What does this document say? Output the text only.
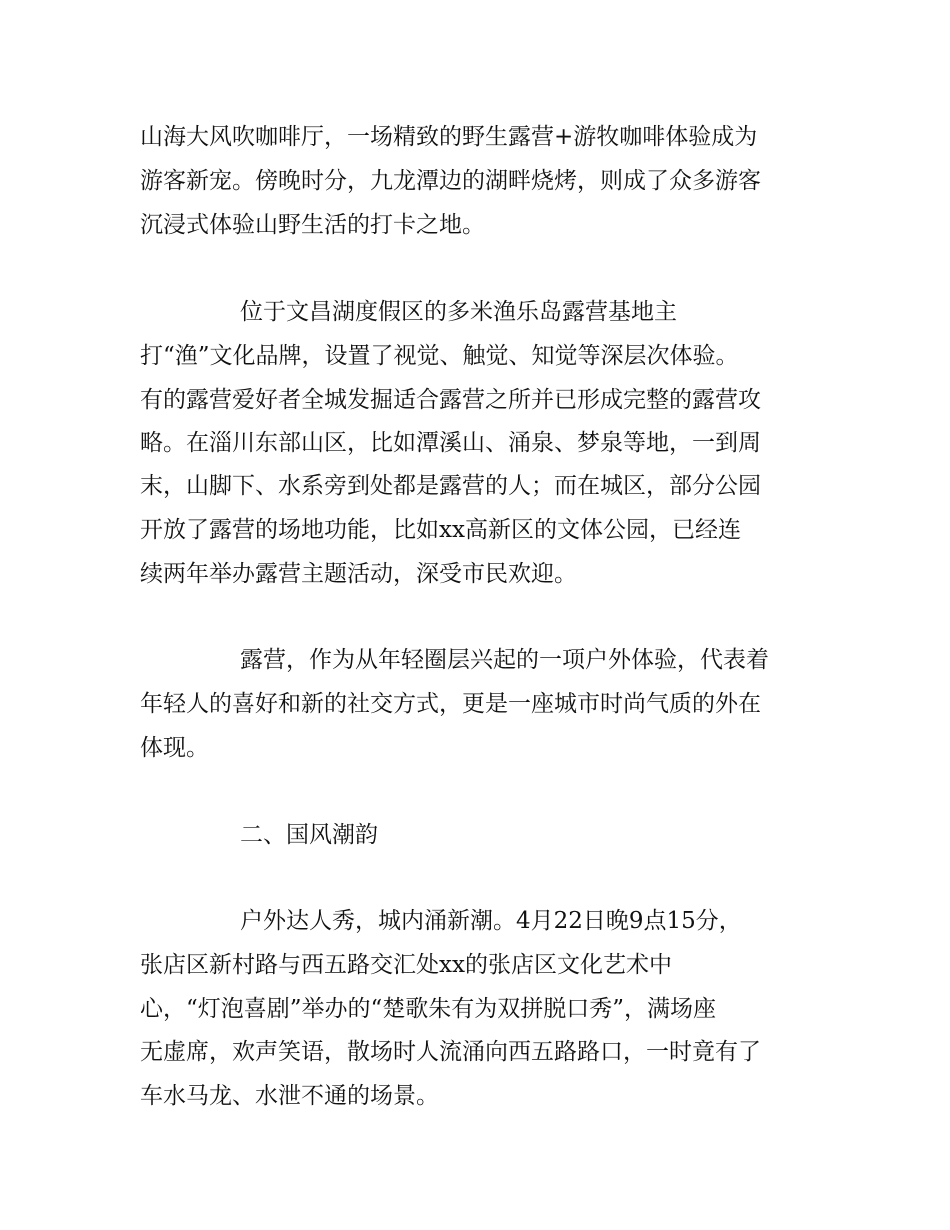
山海大风吹咖啡厅，一场精致的野生露营+游牧咖啡体验成为
游客新宠。傍晚时分，九龙潭边的湖畔烧烤，则成了众多游客
沉浸式体验山野生活的打卡之地。
位于文昌湖度假区的多米渔乐岛露营基地主
打“渔”文化品牌，设置了视觉、触觉、知觉等深层次体验。
有的露营爱好者全城发掘适合露营之所并已形成完整的露营攻
略。在淄川东部山区，比如潭溪山、涌泉、梦泉等地，一到周
末，山脚下、水系旁到处都是露营的人；而在城区，部分公园
开放了露营的场地功能，比如xx高新区的文体公园，已经连
续两年举办露营主题活动，深受市民欢迎。
露营，作为从年轻圈层兴起的一项户外体验，代表着
年轻人的喜好和新的社交方式，更是一座城市时尚气质的外在
体现。
二、国风潮韵
户外达人秀，城内涌新潮。4月22日晚9点15分，
张店区新村路与西五路交汇处xx的张店区文化艺术中
心，“灯泡喜剧”举办的“楚歌朱有为双拼脱口秀”，满场座
无虚席，欢声笑语，散场时人流涌向西五路路口，一时竟有了
车水马龙、水泄不通的场景。
